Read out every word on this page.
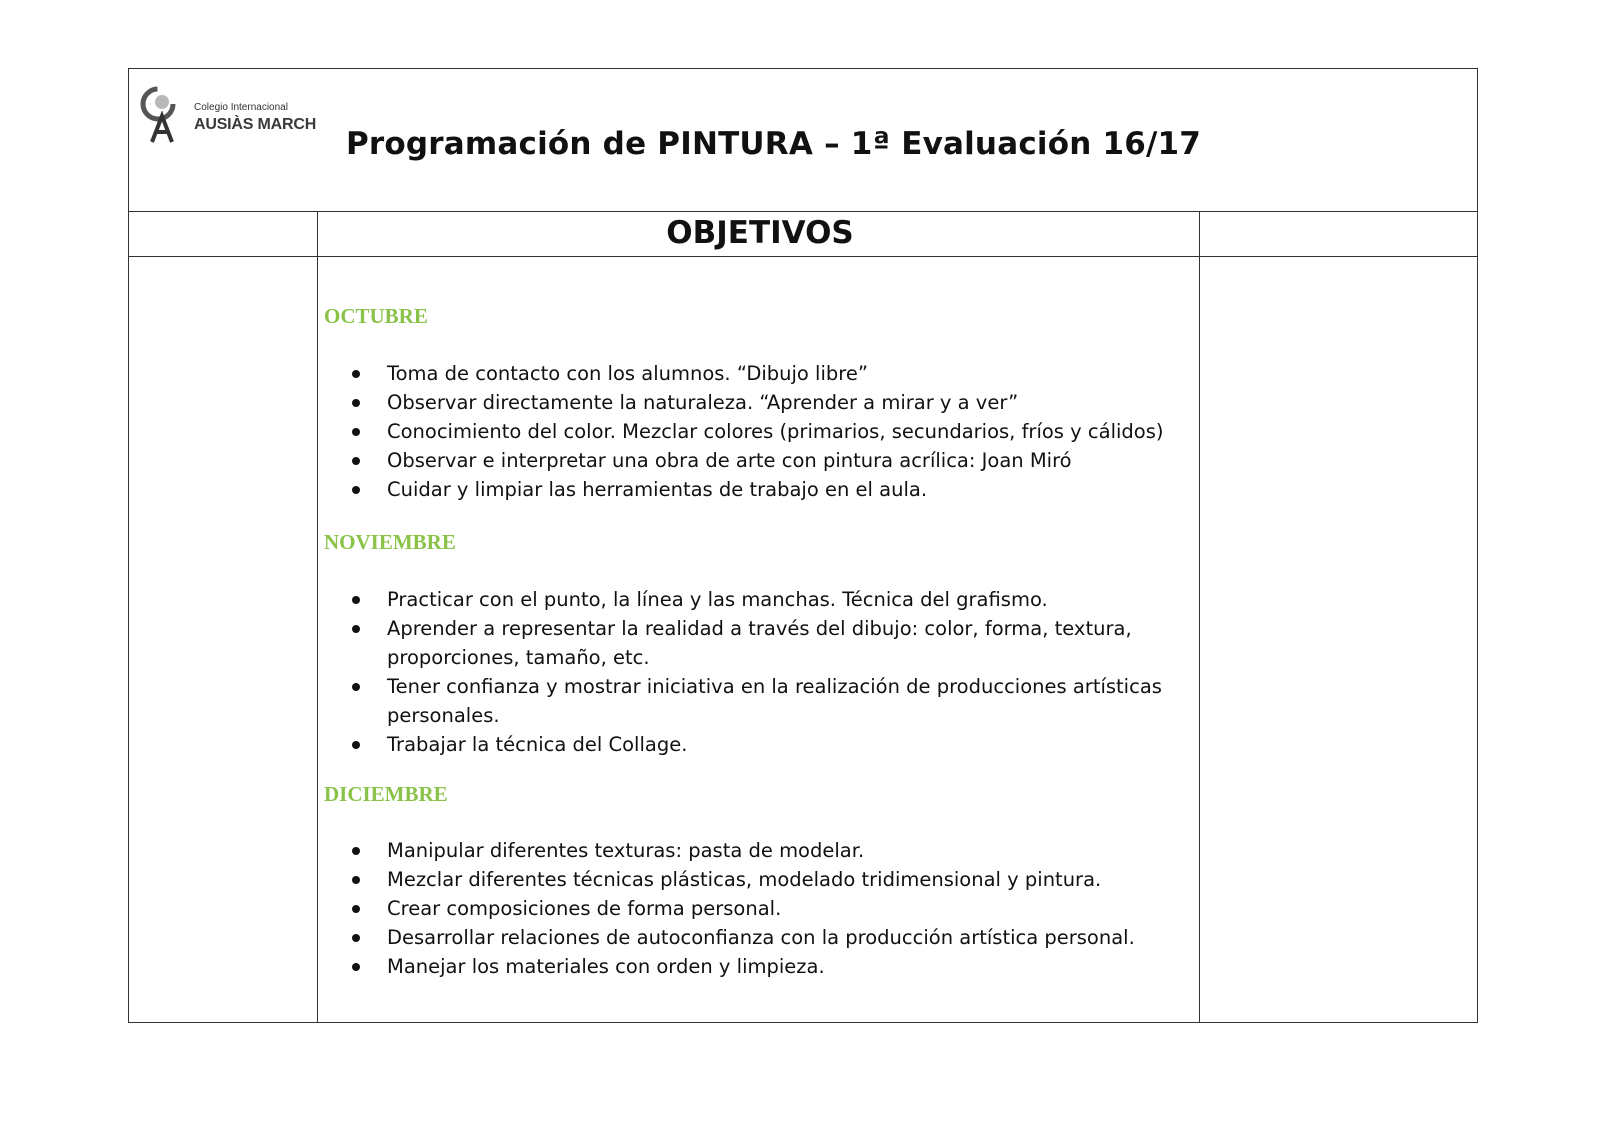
Colegio Internacional
AUSIÀS MARCH
Programación de PINTURA – 1ª Evaluación 16/17
OBJETIVOS
OCTUBRE
Toma de contacto con los alumnos. “Dibujo libre”
Observar directamente la naturaleza. “Aprender a mirar y a ver”
Conocimiento del color. Mezclar colores (primarios, secundarios, fríos y cálidos)
Observar e interpretar una obra de arte con pintura acrílica: Joan Miró
Cuidar y limpiar las herramientas de trabajo en el aula.
NOVIEMBRE
Practicar con el punto, la línea y las manchas. Técnica del grafismo.
Aprender a representar la realidad a través del dibujo: color, forma, textura,
proporciones, tamaño, etc.
Tener confianza y mostrar iniciativa en la realización de producciones artísticas
personales.
Trabajar la técnica del Collage.
DICIEMBRE
Manipular diferentes texturas: pasta de modelar.
Mezclar diferentes técnicas plásticas, modelado tridimensional y pintura.
Crear composiciones de forma personal.
Desarrollar relaciones de autoconfianza con la producción artística personal.
Manejar los materiales con orden y limpieza.
